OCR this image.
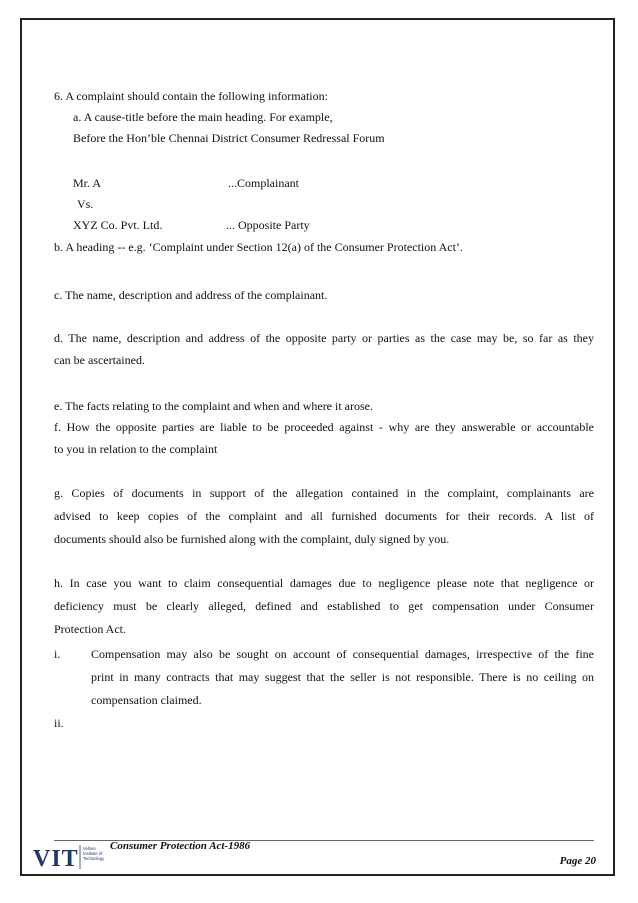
6. A complaint should contain the following information:
a. A cause-title before the main heading. For example,
Before the Hon’ble Chennai District Consumer Redressal Forum
Mr. A	...Complainant
Vs.
XYZ Co. Pvt. Ltd.	... Opposite Party
b. A heading -- e.g. ‘Complaint under Section 12(a) of the Consumer Protection Act’.
c. The name, description and address of the complainant.
d. The name, description and address of the opposite party or parties as the case may be, so far as they
can be ascertained.
e. The facts relating to the complaint and when and where it arose.
f. How the opposite parties are liable to be proceeded against - why are they answerable or accountable
to you in relation to the complaint
g. Copies of documents in support of the allegation contained in the complaint, complainants are
advised to keep copies of the complaint and all furnished documents for their records. A list of
documents should also be furnished along with the complaint, duly signed by you.
h. In case you want to claim consequential damages due to negligence please note that negligence or
deficiency must be clearly alleged, defined and established to get compensation under Consumer
Protection Act.
i.	Compensation may also be sought on account of consequential damages, irrespective of the fine
print in many contracts that may suggest that the seller is not responsible. There is no ceiling on
compensation claimed.
ii.
VIT Vellore
Institute of
Technology
Consumer Protection Act-1986
Page 20
